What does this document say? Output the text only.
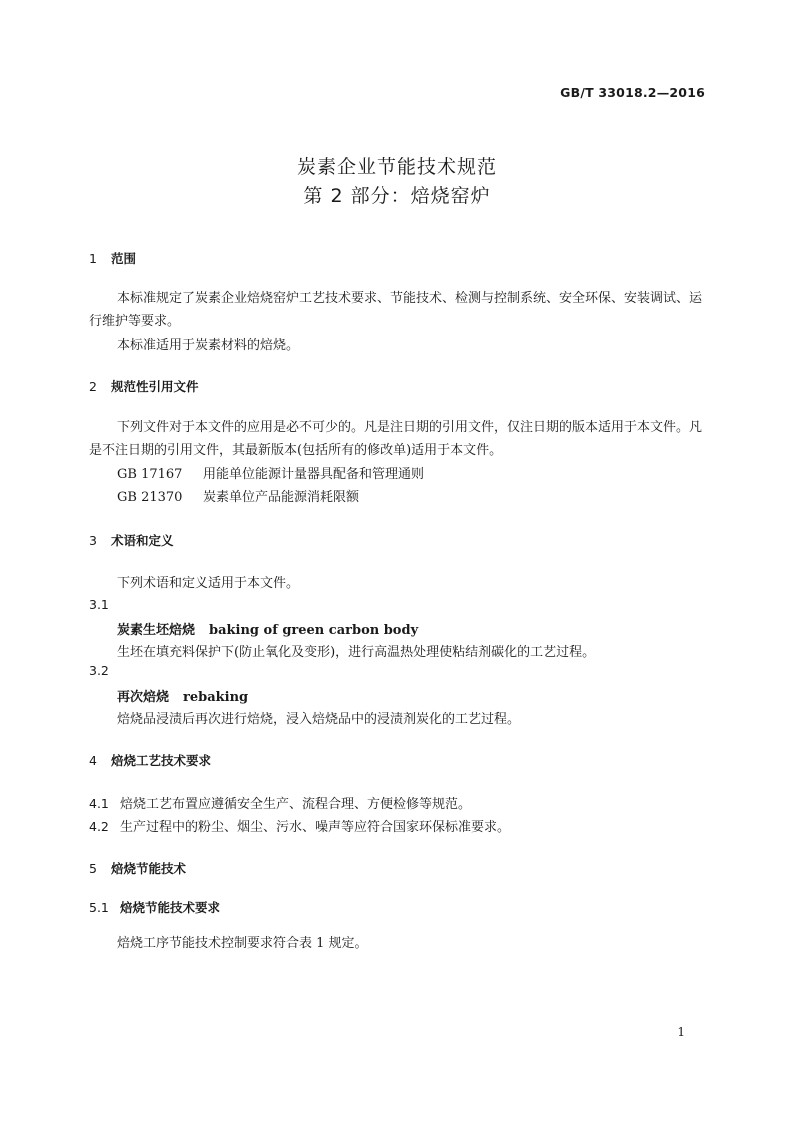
GB/T 33018.2—2016
炭素企业节能技术规范
第 2 部分：焙烧窑炉
1 范围
本标准规定了炭素企业焙烧窑炉工艺技术要求、节能技术、检测与控制系统、安全环保、安装调试、运行维护等要求。
本标准适用于炭素材料的焙烧。
2 规范性引用文件
下列文件对于本文件的应用是必不可少的。凡是注日期的引用文件，仅注日期的版本适用于本文件。凡是不注日期的引用文件，其最新版本(包括所有的修改单)适用于本文件。
GB 17167 用能单位能源计量器具配备和管理通则
GB 21370 炭素单位产品能源消耗限额
3 术语和定义
下列术语和定义适用于本文件。
3.1
炭素生坯焙烧 baking of green carbon body
生坯在填充料保护下(防止氧化及变形)，进行高温热处理使粘结剂碳化的工艺过程。
3.2
再次焙烧 rebaking
焙烧品浸渍后再次进行焙烧，浸入焙烧品中的浸渍剂炭化的工艺过程。
4 焙烧工艺技术要求
4.1 焙烧工艺布置应遵循安全生产、流程合理、方便检修等规范。
4.2 生产过程中的粉尘、烟尘、污水、噪声等应符合国家环保标准要求。
5 焙烧节能技术
5.1 焙烧节能技术要求
焙烧工序节能技术控制要求符合表 1 规定。
1
